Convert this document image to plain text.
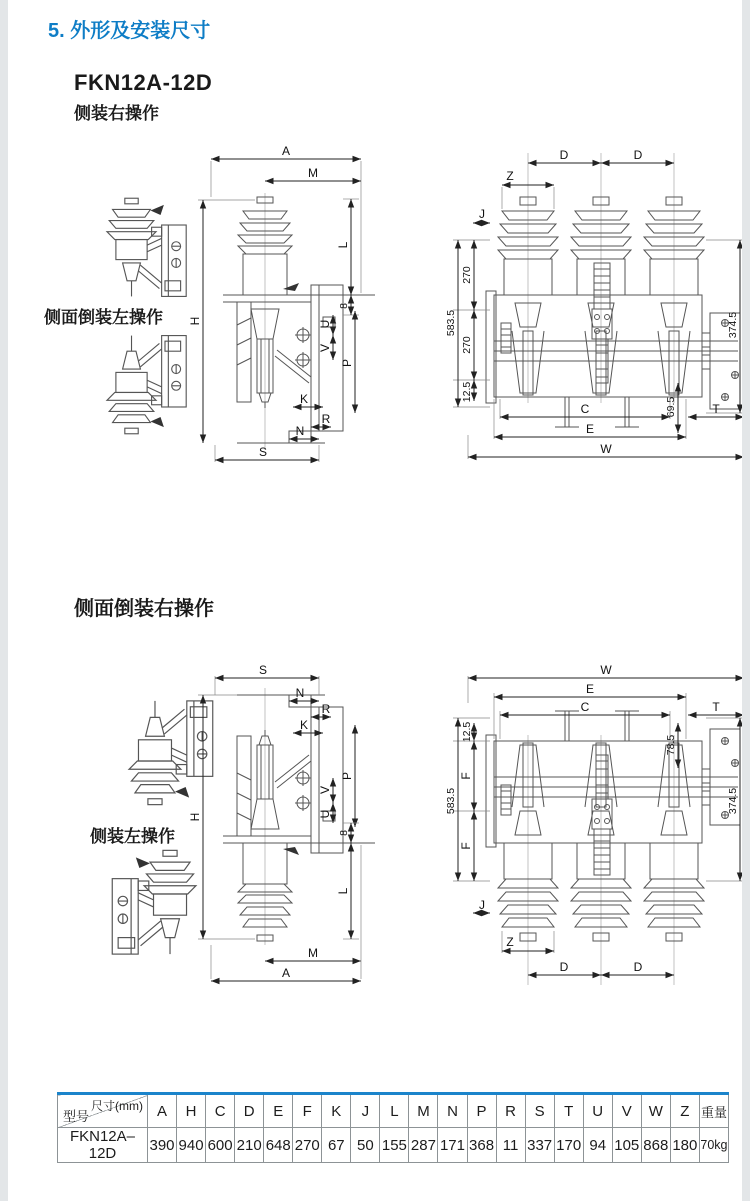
5. 外形及安装尺寸
FKN12A-12D
侧装右操作
侧面倒装左操作
A
M
H
L
8
U
V
P
K
R
N
S
D	D
Z
J
270
270
12.5
583.5	374.5
69.5
C	T
E
W
侧面倒装右操作
侧装左操作
S
N
R
K
H
P
V
U
8
L
M
A
W
E
C	T
12.5
78.5
F
F
583.5	374.5
J
Z
D	D
尺寸(mm)
型号	A	H	C	D	E	F	K	J	L	M	N	P	R	S	T	U	V	W	Z	重量
FKN12A–12D	390	940	600	210	648	270	67	50	155	287	171	368	11	337	170	94	105	868	180	70kg
